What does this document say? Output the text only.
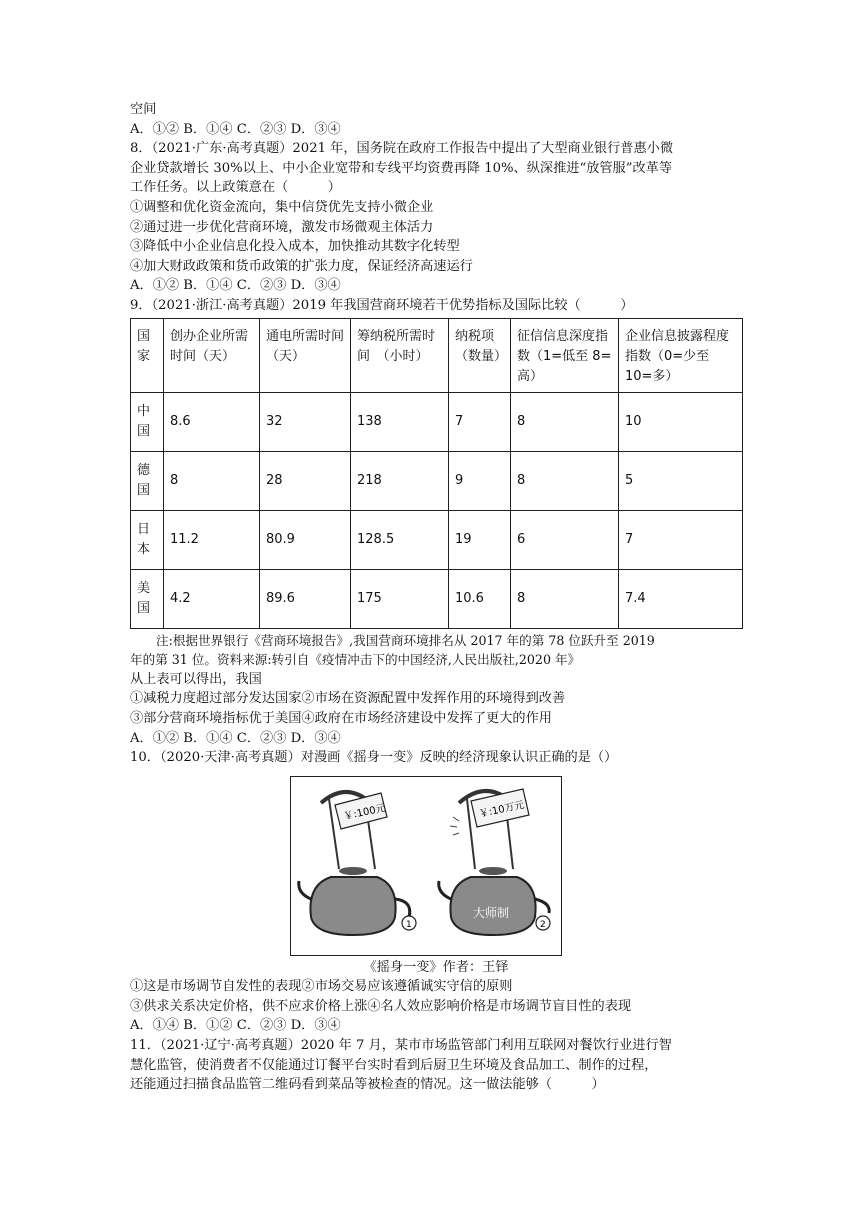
空间

A．①② B．①④ C．②③ D．③④

8．（2021·广东·高考真题）2021 年，国务院在政府工作报告中提出了大型商业银行普惠小微

企业贷款增长 30%以上、中小企业宽带和专线平均资费再降 10%、纵深推进“放管服”改革等

工作任务。以上政策意在（　　　）

①调整和优化资金流向，集中信贷优先支持小微企业

②通过进一步优化营商环境，激发市场微观主体活力

③降低中小企业信息化投入成本，加快推动其数字化转型

④加大财政政策和货币政策的扩张力度，保证经济高速运行

A．①② B．①④ C．②③ D．③④

9．（2021·浙江·高考真题）2019 年我国营商环境若干优势指标及国际比较（　　　）

国家	创办企业所需时间（天）	通电所需时间（天）	筹纳税所需时间　（小时）	纳税项（数量）	征信信息深度指数（1=低至 8=高）	企业信息披露程度指数（0=少至 10=多）
中国	8.6	32	138	7	8	10
德国	8	28	218	9	8	5
日本	11.2	80.9	128.5	19	6	7
美国	4.2	89.6	175	10.6	8	7.4

注:根据世界银行《营商环境报告》,我国营商环境排名从 2017 年的第 78 位跃升至 2019

年的第 31 位。资料来源:转引自《疫情冲击下的中国经济,人民出版社,2020 年》

从上表可以得出，我国

①减税力度超过部分发达国家②市场在资源配置中发挥作用的环境得到改善

③部分营商环境指标优于美国④政府在市场经济建设中发挥了更大的作用

A．①② B．①④ C．②③ D．③④

10．（2020·天津·高考真题）对漫画《摇身一变》反映的经济现象认识正确的是（）

￥:100元
1
￥:10万元
大师制
2

《摇身一变》作者：王铎

①这是市场调节自发性的表现②市场交易应该遵循诚实守信的原则

③供求关系决定价格，供不应求价格上涨④名人效应影响价格是市场调节盲目性的表现

A．①④ B．①② C．②③ D．③④

11．（2021·辽宁·高考真题）2020 年 7 月，某市市场监管部门利用互联网对餐饮行业进行智

慧化监管，使消费者不仅能通过订餐平台实时看到后厨卫生环境及食品加工、制作的过程，

还能通过扫描食品监管二维码看到菜品等被检查的情况。这一做法能够（　　　）
